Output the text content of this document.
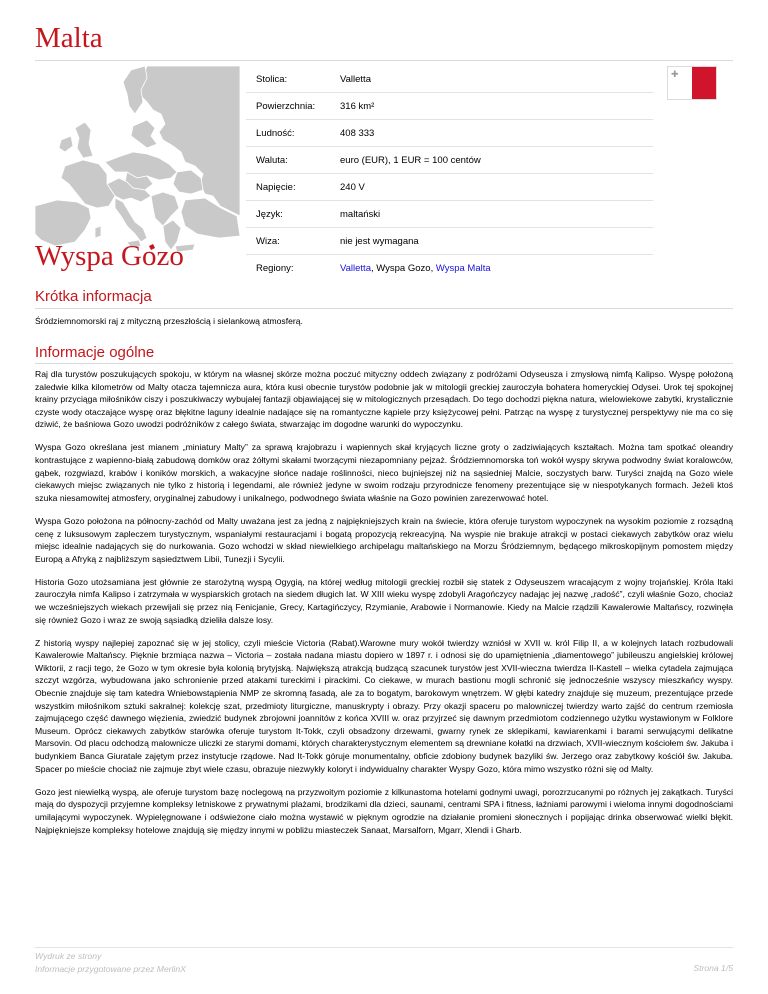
Malta
Stolica:	Valletta
Powierzchnia:	316 km²
Ludność:	408 333
Waluta:	euro (EUR), 1 EUR = 100 centów
Napięcie:	240 V
Język:	maltański
Wiza:	nie jest wymagana
Regiony:	Valletta, Wyspa Gozo, Wyspa Malta
✚
Wyspa Gozo
Krótka informacja
Śródziemnomorski raj z mityczną przeszłością i sielankową atmosferą.
Informacje ogólne

Raj dla turystów poszukujących spokoju, w którym na własnej skórze można poczuć mityczny oddech związany z podróżami Odyseusza i zmysłową nimfą Kalipso. Wyspę położoną zaledwie kilka kilometrów od Malty otacza tajemnicza aura, która kusi obecnie turystów podobnie jak w mitologii greckiej zauroczyła bohatera homeryckiej Odysei. Urok tej spokojnej krainy przyciąga miłośników ciszy i poszukiwaczy wybujałej fantazji objawiającej się w mitologicznych przesądach. Do tego dochodzi piękna natura, wielowiekowe zabytki, krystalicznie czyste wody otaczające wyspę oraz błękitne laguny idealnie nadające się na romantyczne kąpiele przy księżycowej pełni. Patrząc na wyspę z turystycznej perspektywy nie ma co się dziwić, że baśniowa Gozo uwodzi podróżników z całego świata, stwarzając im dogodne warunki do wypoczynku.

Wyspa Gozo określana jest mianem „miniatury Malty” za sprawą krajobrazu i wapiennych skał kryjących liczne groty o zadziwiających kształtach. Można tam spotkać oleandry kontrastujące z wapienno-białą zabudową domków oraz żółtymi skałami tworzącymi niezapomniany pejzaż. Śródziemnomorska toń wokół wyspy skrywa podwodny świat koralowców, gąbek, rozgwiazd, krabów i koników morskich, a wakacyjne słońce nadaje roślinności, nieco bujniejszej niż na sąsiedniej Malcie, soczystych barw. Turyści znajdą na Gozo wiele ciekawych miejsc związanych nie tylko z historią i legendami, ale również jedyne w swoim rodzaju przyrodnicze fenomeny prezentujące się w niespotykanych formach. Jeżeli ktoś szuka niesamowitej atmosfery, oryginalnej zabudowy i unikalnego, podwodnego świata właśnie na Gozo powinien zarezerwować hotel.

Wyspa Gozo położona na północny-zachód od Malty uważana jest za jedną z najpiękniejszych krain na świecie, która oferuje turystom wypoczynek na wysokim poziomie z rozsądną cenę z luksusowym zapleczem turystycznym, wspaniałymi restauracjami i bogatą propozycją rekreacyjną. Na wyspie nie brakuje atrakcji w postaci ciekawych zabytków oraz wielu miejsc idealnie nadających się do nurkowania. Gozo wchodzi w skład niewielkiego archipelagu maltańskiego na Morzu Śródziemnym, będącego mikroskopijnym pomostem między Europą a Afryką z najbliższym sąsiedztwem Libii, Tunezji i Sycylii.

Historia Gozo utożsamiana jest głównie ze starożytną wyspą Ogygią, na której według mitologii greckiej rozbił się statek z Odyseuszem wracającym z wojny trojańskiej. Króla Itaki zauroczyła nimfa Kalipso i zatrzymała w wyspiarskich grotach na siedem długich lat. W XIII wieku wyspę zdobyli Aragończycy nadając jej nazwę „radość”, czyli właśnie Gozo, chociaż we wcześniejszych wiekach przewijali się przez nią Fenicjanie, Grecy, Kartagińczycy, Rzymianie, Arabowie i Normanowie. Kiedy na Malcie rządzili Kawalerowie Maltańscy, rozwinęła się również Gozo i wraz ze swoją sąsiadką dzieliła dalsze losy.

Z historią wyspy najlepiej zapoznać się w jej stolicy, czyli mieście Victoria (Rabat).Warowne mury wokół twierdzy wzniósł w XVII w. król Filip II, a w kolejnych latach rozbudowali Kawalerowie Maltańscy. Pięknie brzmiąca nazwa – Victoria – została nadana miastu dopiero w 1897 r. i odnosi się do upamiętnienia „diamentowego” jubileuszu angielskiej królowej Wiktorii, z racji tego, że Gozo w tym okresie była kolonią brytyjską. Największą atrakcją budzącą szacunek turystów jest XVII-wieczna twierdza Il-Kastell – wielka cytadela zajmująca szczyt wzgórza, wybudowana jako schronienie przed atakami tureckimi i pirackimi. Co ciekawe, w murach bastionu mogli schronić się jednocześnie wszyscy mieszkańcy wyspy. Obecnie znajduje się tam katedra Wniebowstąpienia NMP ze skromną fasadą, ale za to bogatym, barokowym wnętrzem. W głębi katedry znajduje się muzeum, prezentujące przede wszystkim miłośnikom sztuki sakralnej: kolekcję szat, przedmioty liturgiczne, manuskrypty i obrazy. Przy okazji spaceru po malowniczej twierdzy warto zajść do centrum rzemiosła zajmującego część dawnego więzienia, zwiedzić budynek zbrojowni joannitów z końca XVIII w. oraz przyjrzeć się dawnym przedmiotom codziennego użytku wystawionym w Folklore Museum. Oprócz ciekawych zabytków starówka oferuje turystom It-Tokk, czyli obsadzony drzewami, gwarny rynek ze sklepikami, kawiarenkami i barami serwującymi delikatne Marsovin. Od placu odchodzą malownicze uliczki ze starymi domami, których charakterystycznym elementem są drewniane kołatki na drzwiach, XVII-wiecznym kościołem św. Jakuba i budynkiem Banca Giuratale zajętym przez instytucje rządowe. Nad It-Tokk góruje monumentalny, obficie zdobiony budynek bazyliki św. Jerzego oraz zabytkowy kościół św. Jakuba. Spacer po mieście chociaż nie zajmuje zbyt wiele czasu, obrazuje niezwykły koloryt i indywidualny charakter Wyspy Gozo, która mimo wszystko różni się od Malty.

Gozo jest niewielką wyspą, ale oferuje turystom bazę noclegową na przyzwoitym poziomie z kilkunastoma hotelami godnymi uwagi, porozrzucanymi po różnych jej zakątkach. Turyści mają do dyspozycji przyjemne kompleksy letniskowe z prywatnymi plażami, brodzikami dla dzieci, saunami, centrami SPA i fitness, łaźniami parowymi i wieloma innymi dogodnościami umilającymi wypoczynek. Wypielęgnowane i odświeżone ciało można wystawić w pięknym ogrodzie na działanie promieni słonecznych i popijając drinka obserwować wielki błękit. Najpiękniejsze kompleksy hotelowe znajdują się między innymi w pobliżu miasteczek Sanaat, Marsalforn, Mgarr, Xlendi i Gharb.

Wydruk ze strony
Informacje przygotowane przez MerlinX	Strona 1/5
